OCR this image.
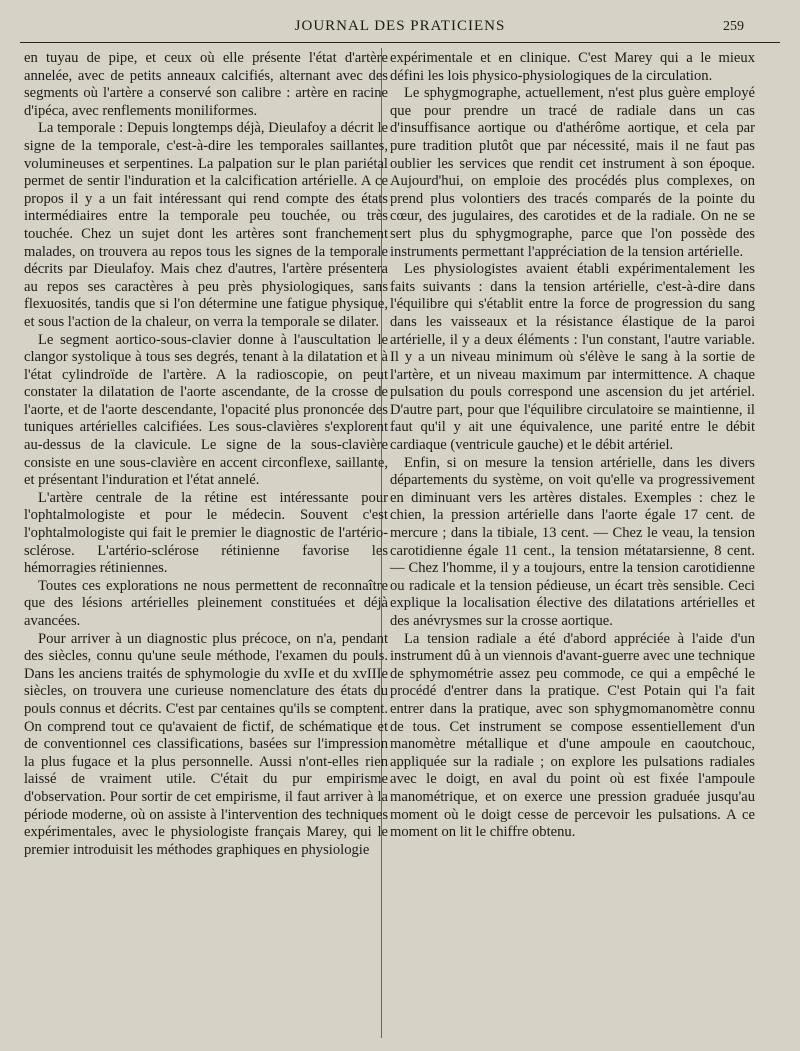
JOURNAL DES PRATICIENS	259

en tuyau de pipe, et ceux où elle présente l'état d'artère annelée, avec de petits anneaux calcifiés, alternant avec des segments où l'artère a conservé son calibre : artère en racine d'ipéca, avec renflements moniliformes.

La temporale : Depuis longtemps déjà, Dieulafoy a décrit le signe de la temporale, c'est-à-dire les temporales saillantes, volumineuses et serpentines. La palpation sur le plan pariétal permet de sentir l'induration et la calcification artérielle. A ce propos il y a un fait intéressant qui rend compte des états intermédiaires entre la temporale peu touchée, ou très touchée. Chez un sujet dont les artères sont franchement malades, on trouvera au repos tous les signes de la temporale décrits par Dieulafoy. Mais chez d'autres, l'artère présentera au repos ses caractères à peu près physiologiques, sans flexuosités, tandis que si l'on détermine une fatigue physique, et sous l'action de la chaleur, on verra la temporale se dilater.

Le segment aortico-sous-clavier donne à l'auscultation le clangor systolique à tous ses degrés, tenant à la dilatation et à l'état cylindroïde de l'artère. A la radioscopie, on peut constater la dilatation de l'aorte ascendante, de la crosse de l'aorte, et de l'aorte descendante, l'opacité plus prononcée des tuniques artérielles calcifiées. Les sous-clavières s'explorent au-dessus de la clavicule. Le signe de la sous-clavière consiste en une sous-clavière en accent circonflexe, saillante, et présentant l'induration et l'état annelé.

L'artère centrale de la rétine est intéressante pour l'ophtalmologiste et pour le médecin. Souvent c'est l'ophtalmologiste qui fait le premier le diagnostic de l'artério-sclérose. L'artério-sclérose rétinienne favorise les hémorragies rétiniennes.

Toutes ces explorations ne nous permettent de reconnaître que des lésions artérielles pleinement constituées et déjà avancées.

Pour arriver à un diagnostic plus précoce, on n'a, pendant des siècles, connu qu'une seule méthode, l'examen du pouls. Dans les anciens traités de sphymologie du xvIIe et du xvIIIe siècles, on trouvera une curieuse nomenclature des états du pouls connus et décrits. C'est par centaines qu'ils se comptent. On comprend tout ce qu'avaient de fictif, de schématique et de conventionnel ces classifications, basées sur l'impression la plus fugace et la plus personnelle. Aussi n'ont-elles rien laissé de vraiment utile. C'était du pur empirisme d'observation. Pour sortir de cet empirisme, il faut arriver à la période moderne, où on assiste à l'intervention des techniques expérimentales, avec le physiologiste français Marey, qui le premier introduisit les méthodes graphiques en physiologie

expérimentale et en clinique. C'est Marey qui a le mieux défini les lois physico-physiologiques de la circulation.

Le sphygmographe, actuellement, n'est plus guère employé que pour prendre un tracé de radiale dans un cas d'insuffisance aortique ou d'athérôme aortique, et cela par pure tradition plutôt que par nécessité, mais il ne faut pas oublier les services que rendit cet instrument à son époque. Aujourd'hui, on emploie des procédés plus complexes, on prend plus volontiers des tracés comparés de la pointe du cœur, des jugulaires, des carotides et de la radiale. On ne se sert plus du sphygmographe, parce que l'on possède des instruments permettant l'appréciation de la tension artérielle.

Les physiologistes avaient établi expérimentalement les faits suivants : dans la tension artérielle, c'est-à-dire dans l'équilibre qui s'établit entre la force de progression du sang dans les vaisseaux et la résistance élastique de la paroi artérielle, il y a deux éléments : l'un constant, l'autre variable. Il y a un niveau minimum où s'élève le sang à la sortie de l'artère, et un niveau maximum par intermittence. A chaque pulsation du pouls correspond une ascension du jet artériel. D'autre part, pour que l'équilibre circulatoire se maintienne, il faut qu'il y ait une équivalence, une parité entre le débit cardiaque (ventricule gauche) et le débit artériel.

Enfin, si on mesure la tension artérielle, dans les divers départements du système, on voit qu'elle va progressivement en diminuant vers les artères distales. Exemples : chez le chien, la pression artérielle dans l'aorte égale 17 cent. de mercure ; dans la tibiale, 13 cent. — Chez le veau, la tension carotidienne égale 11 cent., la tension métatarsienne, 8 cent. — Chez l'homme, il y a toujours, entre la tension carotidienne ou radicale et la tension pédieuse, un écart très sensible. Ceci explique la localisation élective des dilatations artérielles et des anévrysmes sur la crosse aortique.

La tension radiale a été d'abord appréciée à l'aide d'un instrument dû à un viennois d'avant-guerre avec une technique de sphymométrie assez peu commode, ce qui a empêché le procédé d'entrer dans la pratique. C'est Potain qui l'a fait entrer dans la pratique, avec son sphygmomanomètre connu de tous. Cet instrument se compose essentiellement d'un manomètre métallique et d'une ampoule en caoutchouc, appliquée sur la radiale ; on explore les pulsations radiales avec le doigt, en aval du point où est fixée l'ampoule manométrique, et on exerce une pression graduée jusqu'au moment où le doigt cesse de percevoir les pulsations. A ce moment on lit le chiffre obtenu.
